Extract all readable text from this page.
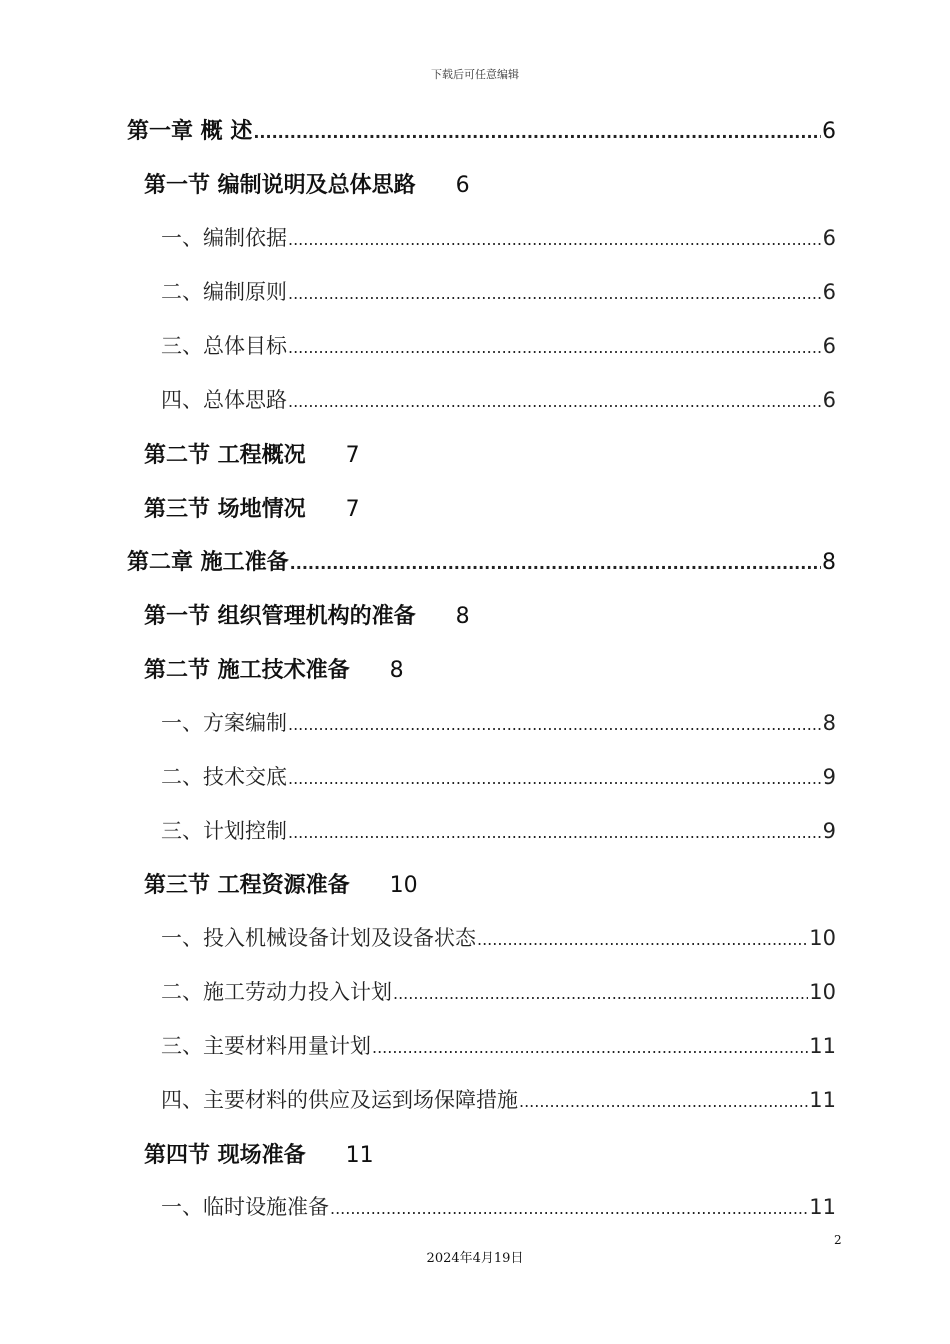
下载后可任意编辑
第一章 概 述 .....	6
第一节 编制说明及总体思路 6
一、编制依据 .....	6
二、编制原则 .....	6
三、总体目标 .....	6
四、总体思路 .....	6
第二节 工程概况 7
第三节 场地情况 7
第二章 施工准备 .....	8
第一节 组织管理机构的准备 8
第二节 施工技术准备 8
一、方案编制 .....	8
二、技术交底 .....	9
三、计划控制 .....	9
第三节 工程资源准备 10
一、投入机械设备计划及设备状态 .....	10
二、施工劳动力投入计划 .....	10
三、主要材料用量计划 .....	11
四、主要材料的供应及运到场保障措施 .....	11
第四节 现场准备 11
一、临时设施准备 .....	11
2
2024年4月19日
